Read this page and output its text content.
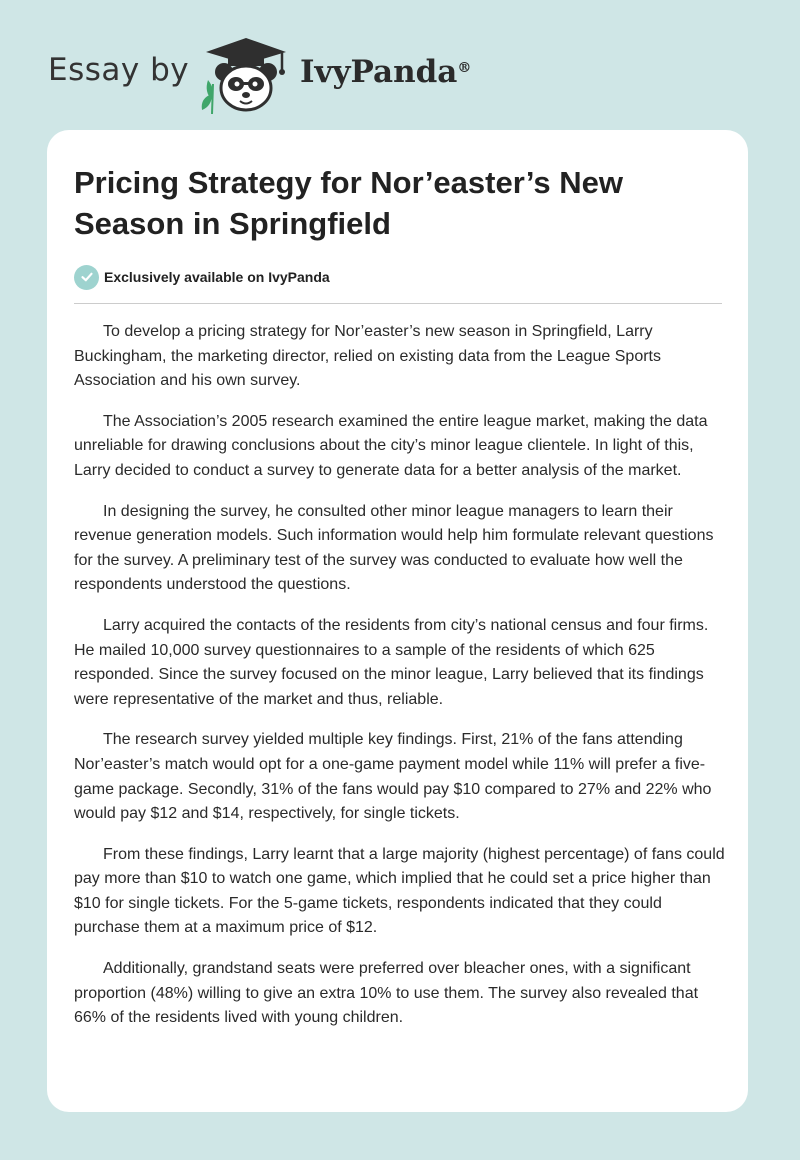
Essay by	IvyPanda®
Pricing Strategy for Nor’easter’s New Season in Springfield
Exclusively available on IvyPanda

To develop a pricing strategy for Nor’easter’s new season in Springfield, Larry Buckingham, the marketing director, relied on existing data from the League Sports Association and his own survey.

The Association’s 2005 research examined the entire league market, making the data unreliable for drawing conclusions about the city’s minor league clientele. In light of this, Larry decided to conduct a survey to generate data for a better analysis of the market.

In designing the survey, he consulted other minor league managers to learn their revenue generation models. Such information would help him formulate relevant questions for the survey. A preliminary test of the survey was conducted to evaluate how well the respondents understood the questions.

Larry acquired the contacts of the residents from city’s national census and four firms. He mailed 10,000 survey questionnaires to a sample of the residents of which 625 responded. Since the survey focused on the minor league, Larry believed that its findings were representative of the market and thus, reliable.

The research survey yielded multiple key findings. First, 21% of the fans attending Nor’easter’s match would opt for a one-game payment model while 11% will prefer a five-game package. Secondly, 31% of the fans would pay $10 compared to 27% and 22% who would pay $12 and $14, respectively, for single tickets.

From these findings, Larry learnt that a large majority (highest percentage) of fans could pay more than $10 to watch one game, which implied that he could set a price higher than $10 for single tickets. For the 5-game tickets, respondents indicated that they could purchase them at a maximum price of $12.

Additionally, grandstand seats were preferred over bleacher ones, with a significant proportion (48%) willing to give an extra 10% to use them. The survey also revealed that 66% of the residents lived with young children.
